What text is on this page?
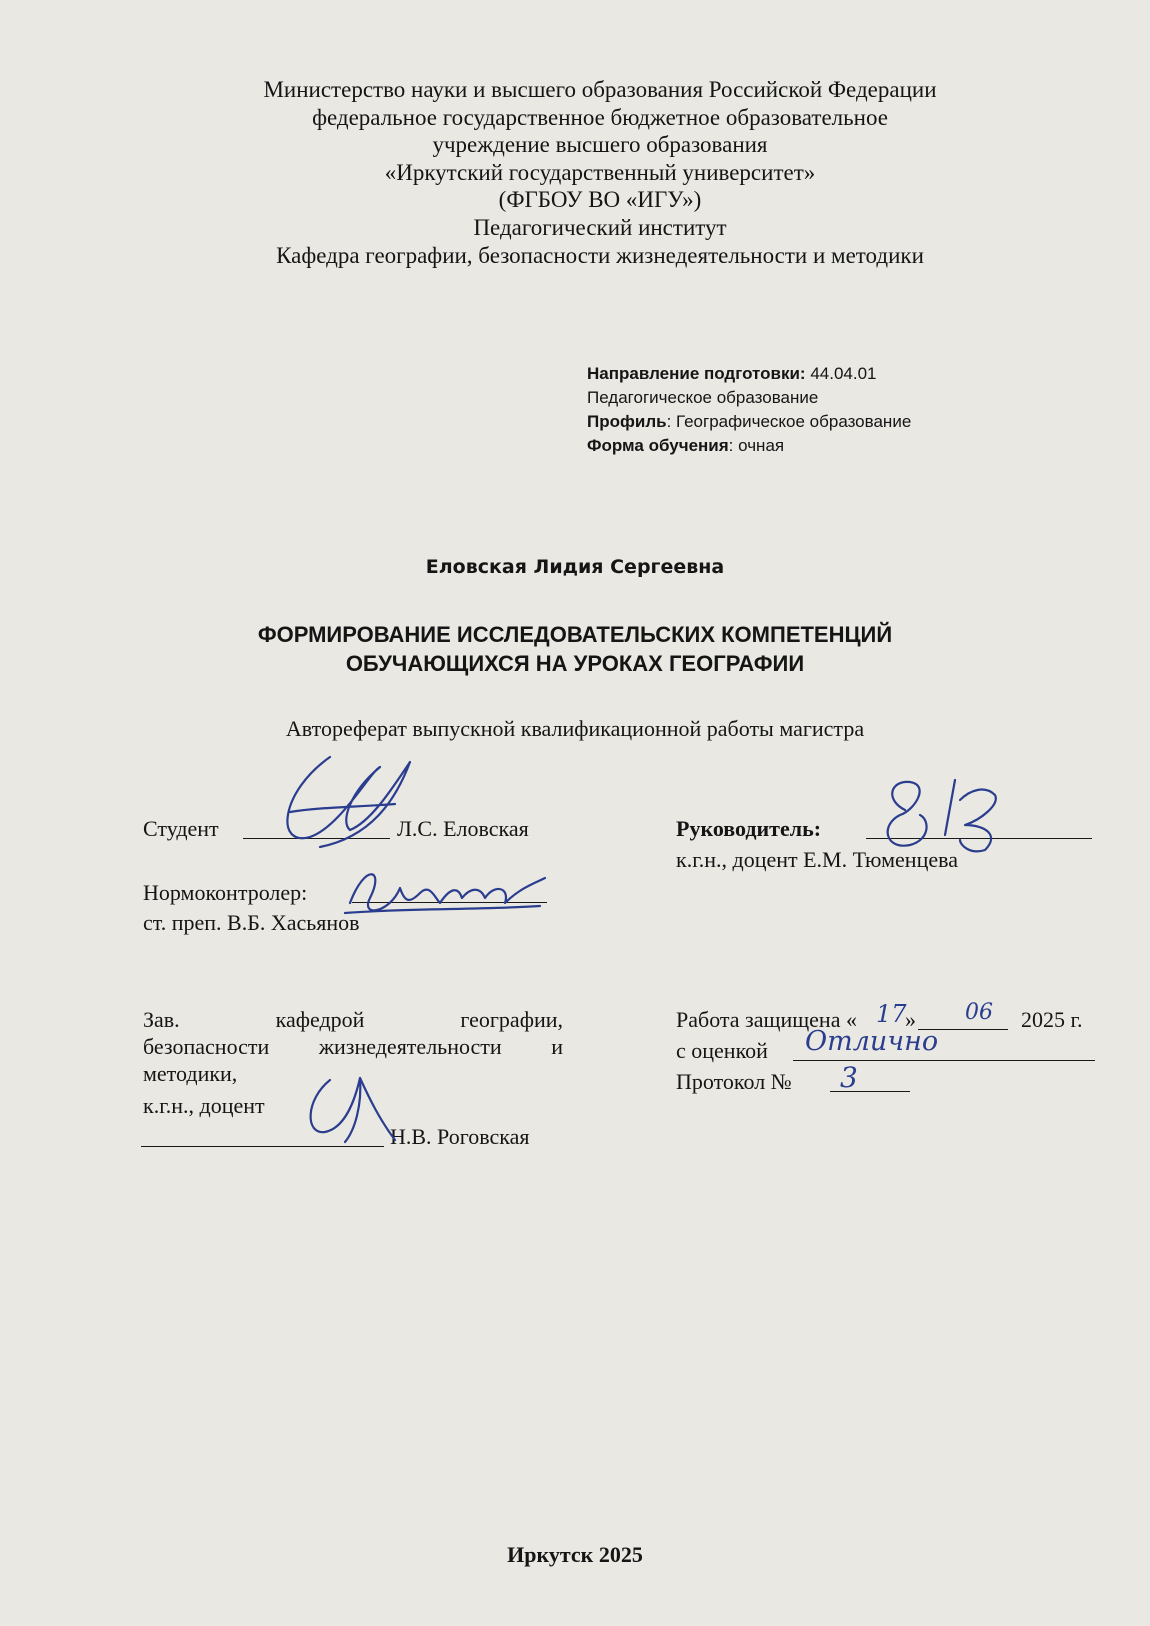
Министерство науки и высшего образования Российской Федерации
федеральное государственное бюджетное образовательное
учреждение высшего образования
«Иркутский государственный университет»
(ФГБОУ ВО «ИГУ»)
Педагогический институт
Кафедра географии, безопасности жизнедеятельности и методики
Направление подготовки: 44.04.01
Педагогическое образование
Профиль: Географическое образование
Форма обучения: очная
Еловская Лидия Сергеевна
ФОРМИРОВАНИЕ ИССЛЕДОВАТЕЛЬСКИХ КОМПЕТЕНЦИЙ
ОБУЧАЮЩИХСЯ НА УРОКАХ ГЕОГРАФИИ
Автореферат выпускной квалификационной работы магистра
Студент	Л.С. Еловская	Руководитель:
к.г.н., доцент Е.М. Тюменцева
Нормоконтролер:
ст. преп. В.Б. Хасьянов
Зав. кафедрой географии,
безопасности жизнедеятельности и
методики,
к.г.н., доцент
Н.В. Роговская
Работа защищена « 17
» 06 2025 г.
с оценкой Отлично
Протокол № 3
Иркутск 2025
